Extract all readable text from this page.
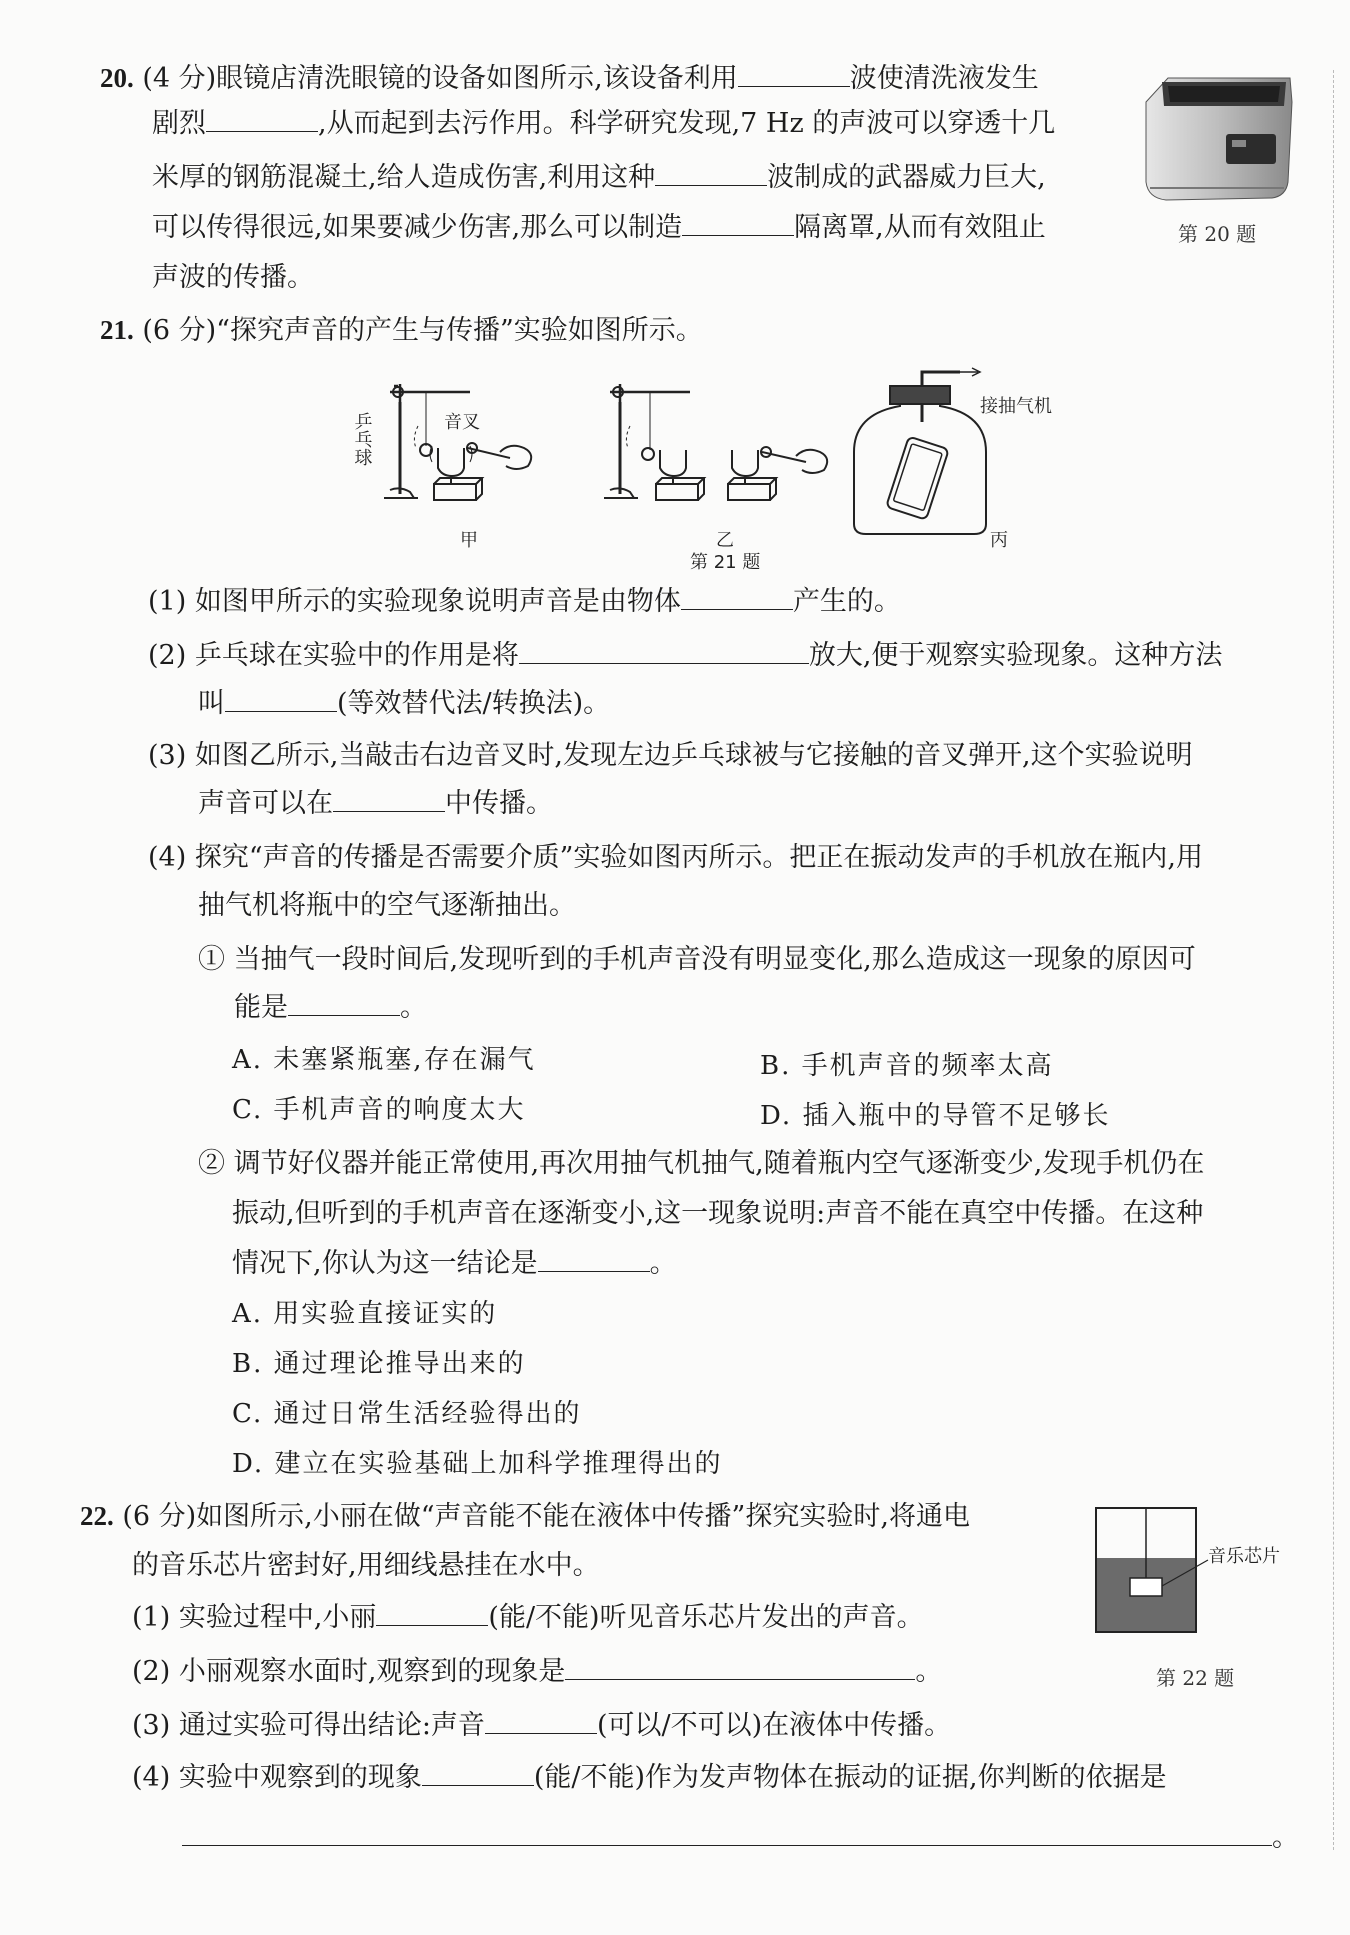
20. (4 分)眼镜店清洗眼镜的设备如图所示,该设备利用	波使清洗液发生
剧烈	,从而起到去污作用。科学研究发现,7 Hz 的声波可以穿透十几
米厚的钢筋混凝土,给人造成伤害,利用这种	波制成的武器威力巨大,
可以传得很远,如果要减少伤害,那么可以制造	隔离罩,从而有效阻止
声波的传播。
第 20 题
21. (6 分)“探究声音的产生与传播”实验如图所示。
乒乓球	音叉
接抽气机
甲	乙	丙
第 21 题
(1) 如图甲所示的实验现象说明声音是由物体	产生的。
(2) 乒乓球在实验中的作用是将	放大,便于观察实验现象。这种方法
叫	(等效替代法/转换法)。
(3) 如图乙所示,当敲击右边音叉时,发现左边乒乓球被与它接触的音叉弹开,这个实验说明
声音可以在	中传播。
(4) 探究“声音的传播是否需要介质”实验如图丙所示。把正在振动发声的手机放在瓶内,用
抽气机将瓶中的空气逐渐抽出。
① 当抽气一段时间后,发现听到的手机声音没有明显变化,那么造成这一现象的原因可
能是	。
A. 未塞紧瓶塞,存在漏气	B. 手机声音的频率太高
C. 手机声音的响度太大	D. 插入瓶中的导管不足够长
② 调节好仪器并能正常使用,再次用抽气机抽气,随着瓶内空气逐渐变少,发现手机仍在
振动,但听到的手机声音在逐渐变小,这一现象说明:声音不能在真空中传播。在这种
情况下,你认为这一结论是	。
A. 用实验直接证实的
B. 通过理论推导出来的
C. 通过日常生活经验得出的
D. 建立在实验基础上加科学推理得出的
22. (6 分)如图所示,小丽在做“声音能不能在液体中传播”探究实验时,将通电
的音乐芯片密封好,用细线悬挂在水中。
(1) 实验过程中,小丽	(能/不能)听见音乐芯片发出的声音。
(2) 小丽观察水面时,观察到的现象是	。
(3) 通过实验可得出结论:声音	(可以/不可以)在液体中传播。
(4) 实验中观察到的现象	(能/不能)作为发声物体在振动的证据,你判断的依据是
。
音乐芯片
第 22 题
